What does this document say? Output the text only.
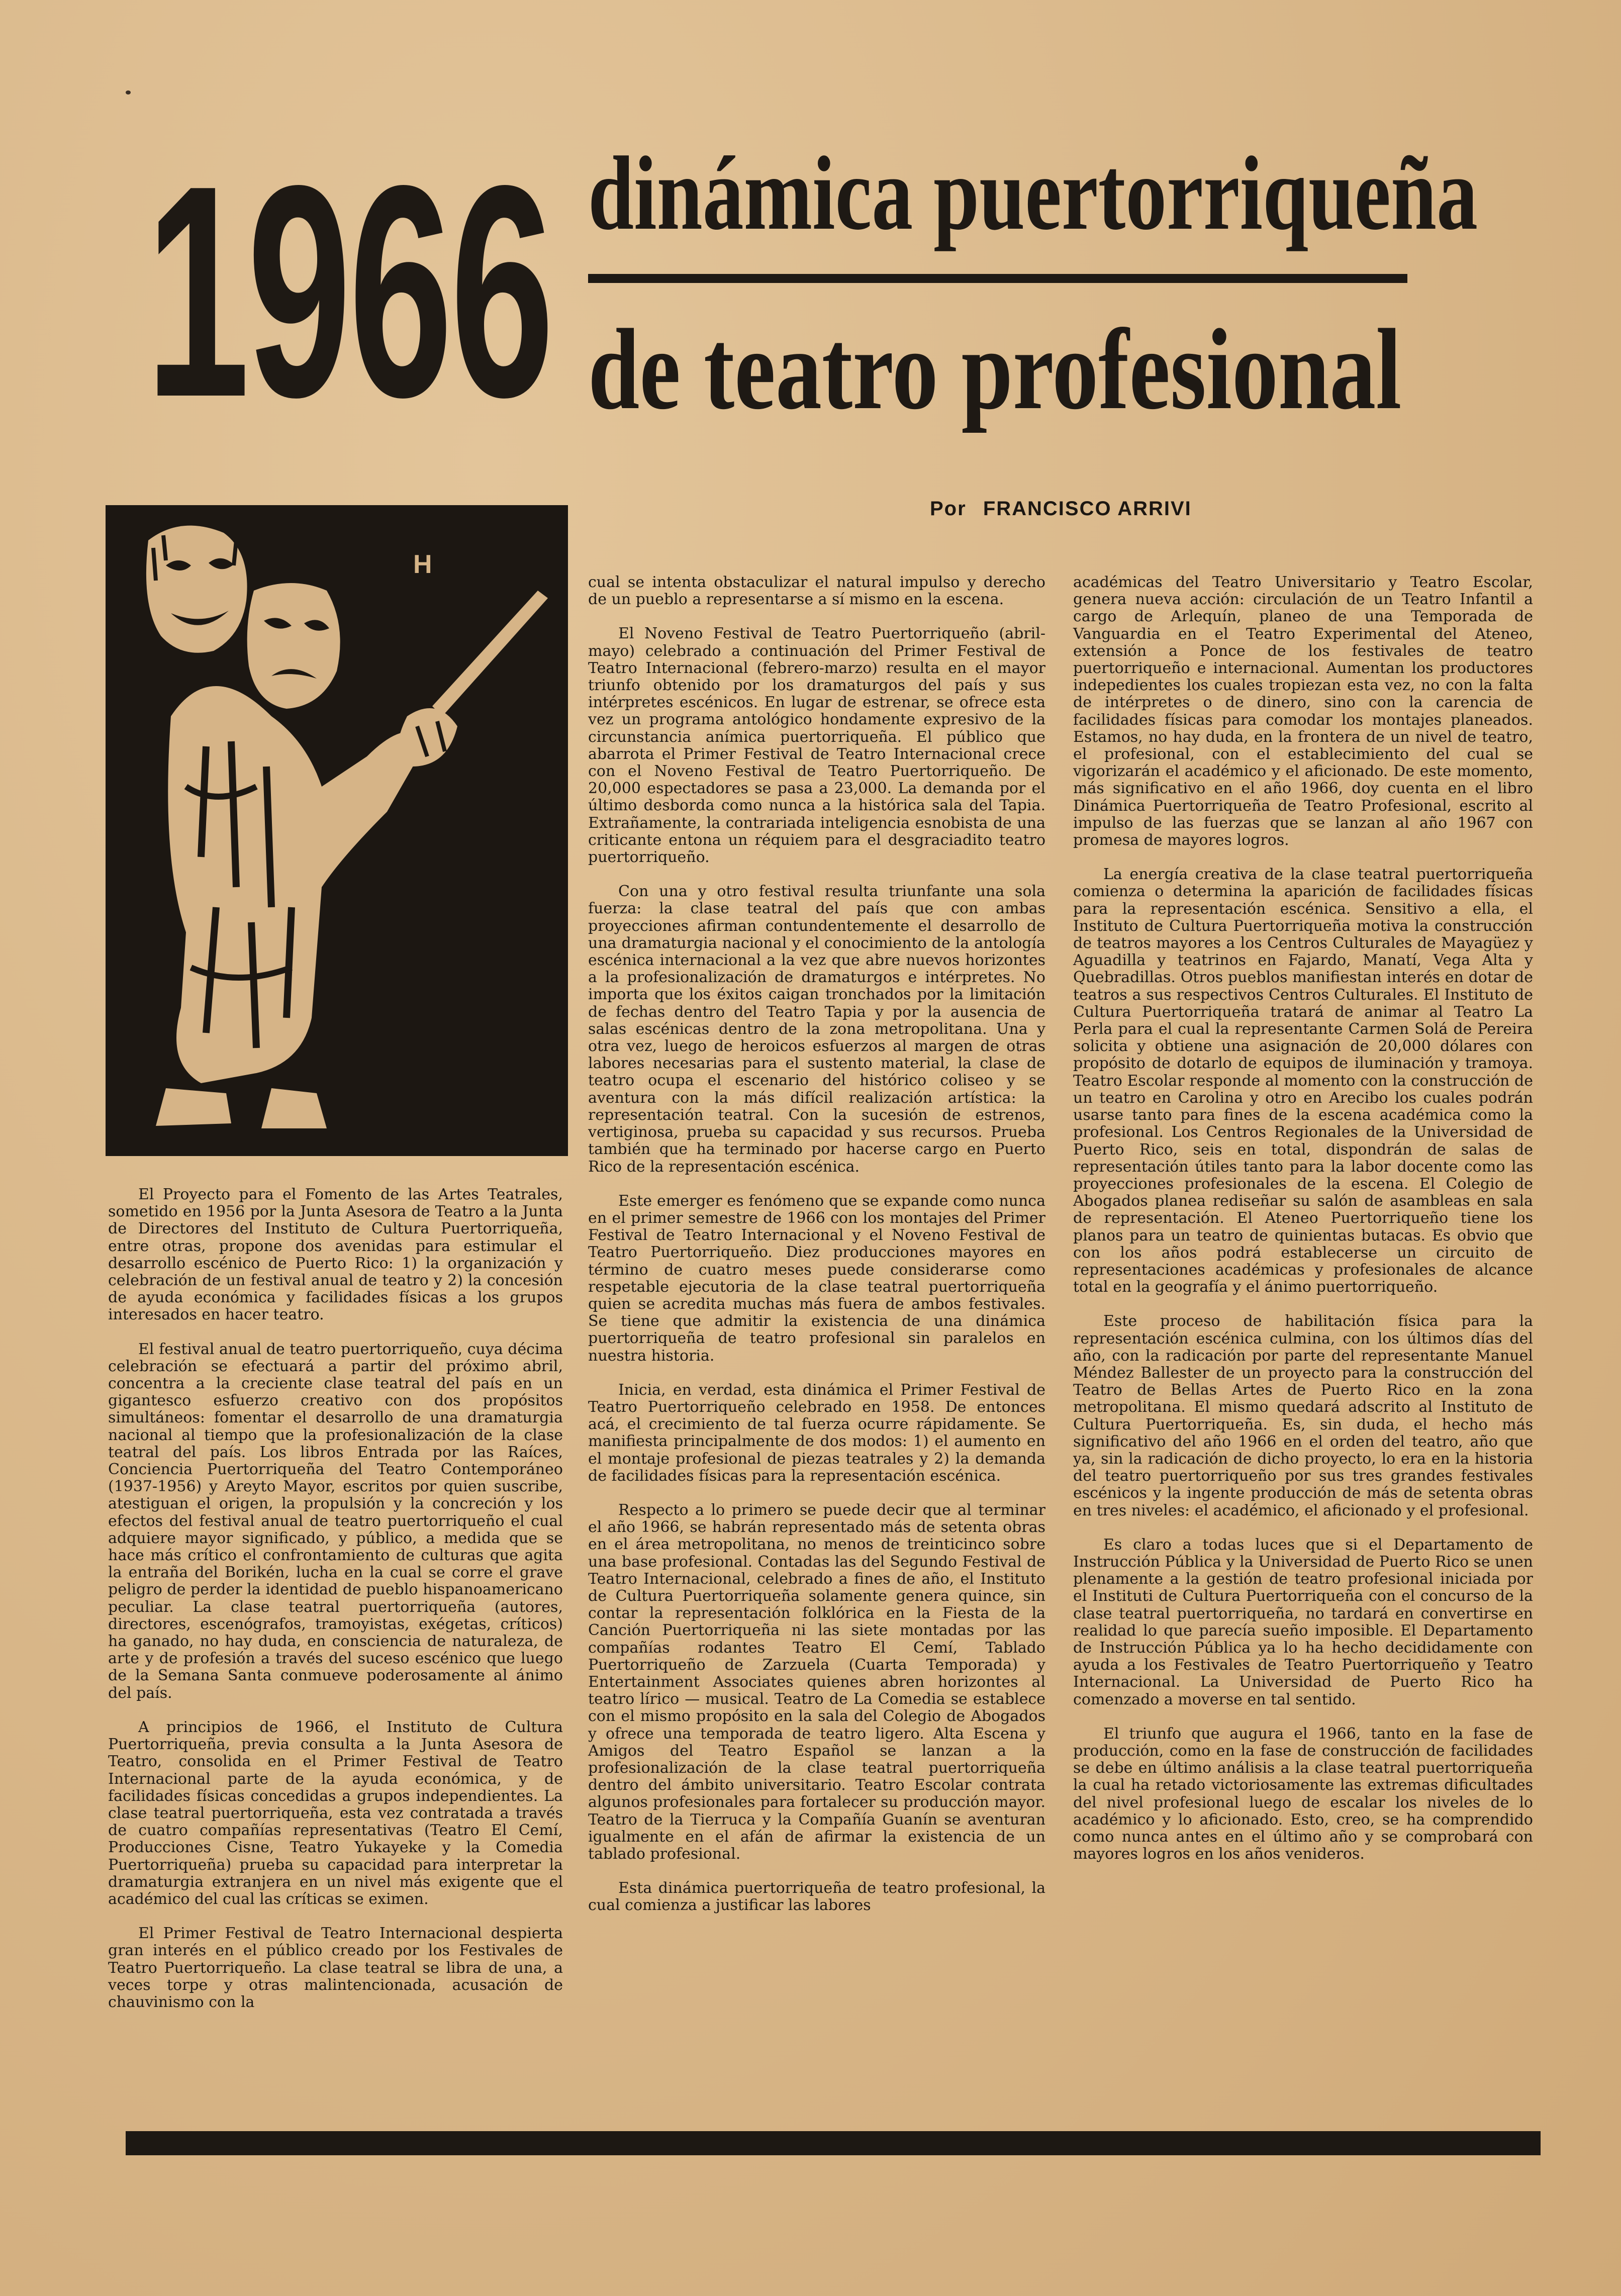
1966 dinámica puertorriqueña
de teatro profesional
Por FRANCISCO ARRIVI
H

El Proyecto para el Fomento de las Artes Teatrales, sometido en 1956 por la Junta Asesora de Teatro a la Junta de Directores del Instituto de Cultura Puertorriqueña, entre otras, propone dos avenidas para estimular el desarrollo escénico de Puerto Rico: 1) la organización y celebración de un festival anual de teatro y 2) la concesión de ayuda económica y facilidades físicas a los grupos interesados en hacer teatro.

El festival anual de teatro puertorriqueño, cuya décima celebración se efectuará a partir del próximo abril, concentra a la creciente clase teatral del país en un gigantesco esfuerzo creativo con dos propósitos simultáneos: fomentar el desarrollo de una dramaturgia nacional al tiempo que la profesionalización de la clase teatral del país. Los libros Entrada por las Raíces, Conciencia Puertorriqueña del Teatro Contemporáneo (1937-1956) y Areyto Mayor, escritos por quien suscribe, atestiguan el origen, la propulsión y la concreción y los efectos del festival anual de teatro puertorriqueño el cual adquiere mayor significado, y público, a medida que se hace más crítico el confrontamiento de culturas que agita la entraña del Borikén, lucha en la cual se corre el grave peligro de perder la identidad de pueblo hispanoamericano peculiar. La clase teatral puertorriqueña (autores, directores, escenógrafos, tramoyistas, exégetas, críticos) ha ganado, no hay duda, en consciencia de naturaleza, de arte y de profesión a través del suceso escénico que luego de la Semana Santa conmueve poderosamente al ánimo del país.

A principios de 1966, el Instituto de Cultura Puertorriqueña, previa consulta a la Junta Asesora de Teatro, consolida en el Primer Festival de Teatro Internacional parte de la ayuda económica, y de facilidades físicas concedidas a grupos independientes. La clase teatral puertorriqueña, esta vez contratada a través de cuatro compañías representativas (Teatro El Cemí, Producciones Cisne, Teatro Yukayeke y la Comedia Puertorriqueña) prueba su capacidad para interpretar la dramaturgia extranjera en un nivel más exigente que el académico del cual las críticas se eximen.

El Primer Festival de Teatro Internacional despierta gran interés en el público creado por los Festivales de Teatro Puertorriqueño. La clase teatral se libra de una, a veces torpe y otras malintencionada, acusación de chauvinismo con la

cual se intenta obstaculizar el natural impulso y derecho de un pueblo a representarse a sí mismo en la escena.

El Noveno Festival de Teatro Puertorriqueño (abril-mayo) celebrado a continuación del Primer Festival de Teatro Internacional (febrero-marzo) resulta en el mayor triunfo obtenido por los dramaturgos del país y sus intérpretes escénicos. En lugar de estrenar, se ofrece esta vez un programa antológico hondamente expresivo de la circunstancia anímica puertorriqueña. El público que abarrota el Primer Festival de Teatro Internacional crece con el Noveno Festival de Teatro Puertorriqueño. De 20,000 espectadores se pasa a 23,000. La demanda por el último desborda como nunca a la histórica sala del Tapia. Extrañamente, la contrariada inteligencia esnobista de una criticante entona un réquiem para el desgraciadito teatro puertorriqueño.

Con una y otro festival resulta triunfante una sola fuerza: la clase teatral del país que con ambas proyecciones afirman contundentemente el desarrollo de una dramaturgia nacional y el conocimiento de la antología escénica internacional a la vez que abre nuevos horizontes a la profesionalización de dramaturgos e intérpretes. No importa que los éxitos caigan tronchados por la limitación de fechas dentro del Teatro Tapia y por la ausencia de salas escénicas dentro de la zona metropolitana. Una y otra vez, luego de heroicos esfuerzos al margen de otras labores necesarias para el sustento material, la clase de teatro ocupa el escenario del histórico coliseo y se aventura con la más difícil realización artística: la representación teatral. Con la sucesión de estrenos, vertiginosa, prueba su capacidad y sus recursos. Prueba también que ha terminado por hacerse cargo en Puerto Rico de la representación escénica.

Este emerger es fenómeno que se expande como nunca en el primer semestre de 1966 con los montajes del Primer Festival de Teatro Internacional y el Noveno Festival de Teatro Puertorriqueño. Diez producciones mayores en término de cuatro meses puede considerarse como respetable ejecutoria de la clase teatral puertorriqueña quien se acredita muchas más fuera de ambos festivales. Se tiene que admitir la existencia de una dinámica puertorriqueña de teatro profesional sin paralelos en nuestra historia.

Inicia, en verdad, esta dinámica el Primer Festival de Teatro Puertorriqueño celebrado en 1958. De entonces acá, el crecimiento de tal fuerza ocurre rápidamente. Se manifiesta principalmente de dos modos: 1) el aumento en el montaje profesional de piezas teatrales y 2) la demanda de facilidades físicas para la representación escénica.

Respecto a lo primero se puede decir que al terminar el año 1966, se habrán representado más de setenta obras en el área metropolitana, no menos de treinticinco sobre una base profesional. Contadas las del Segundo Festival de Teatro Internacional, celebrado a fines de año, el Instituto de Cultura Puertorriqueña solamente genera quince, sin contar la representación folklórica en la Fiesta de la Canción Puertorriqueña ni las siete montadas por las compañías rodantes Teatro El Cemí, Tablado Puertorriqueño de Zarzuela (Cuarta Temporada) y Entertainment Associates quienes abren horizontes al teatro lírico — musical. Teatro de La Comedia se establece con el mismo propósito en la sala del Colegio de Abogados y ofrece una temporada de teatro ligero. Alta Escena y Amigos del Teatro Español se lanzan a la profesionalización de la clase teatral puertorriqueña dentro del ámbito universitario. Teatro Escolar contrata algunos profesionales para fortalecer su producción mayor. Teatro de la Tierruca y la Compañía Guanín se aventuran igualmente en el afán de afirmar la existencia de un tablado profesional.

Esta dinámica puertorriqueña de teatro profesional, la cual comienza a justificar las labores

académicas del Teatro Universitario y Teatro Escolar, genera nueva acción: circulación de un Teatro Infantil a cargo de Arlequín, planeo de una Temporada de Vanguardia en el Teatro Experimental del Ateneo, extensión a Ponce de los festivales de teatro puertorriqueño e internacional. Aumentan los productores indepedientes los cuales tropiezan esta vez, no con la falta de intérpretes o de dinero, sino con la carencia de facilidades físicas para comodar los montajes planeados. Estamos, no hay duda, en la frontera de un nivel de teatro, el profesional, con el establecimiento del cual se vigorizarán el académico y el aficionado. De este momento, más significativo en el año 1966, doy cuenta en el libro Dinámica Puertorriqueña de Teatro Profesional, escrito al impulso de las fuerzas que se lanzan al año 1967 con promesa de mayores logros.

La energía creativa de la clase teatral puertorriqueña comienza o determina la aparición de facilidades físicas para la representación escénica. Sensitivo a ella, el Instituto de Cultura Puertorriqueña motiva la construcción de teatros mayores a los Centros Culturales de Mayagüez y Aguadilla y teatrinos en Fajardo, Manatí, Vega Alta y Quebradillas. Otros pueblos manifiestan interés en dotar de teatros a sus respectivos Centros Culturales. El Instituto de Cultura Puertorriqueña tratará de animar al Teatro La Perla para el cual la representante Carmen Solá de Pereira solicita y obtiene una asignación de 20,000 dólares con propósito de dotarlo de equipos de iluminación y tramoya. Teatro Escolar responde al momento con la construcción de un teatro en Carolina y otro en Arecibo los cuales podrán usarse tanto para fines de la escena académica como la profesional. Los Centros Regionales de la Universidad de Puerto Rico, seis en total, dispondrán de salas de representación útiles tanto para la labor docente como las proyecciones profesionales de la escena. El Colegio de Abogados planea rediseñar su salón de asambleas en sala de representación. El Ateneo Puertorriqueño tiene los planos para un teatro de quinientas butacas. Es obvio que con los años podrá establecerse un circuito de representaciones académicas y profesionales de alcance total en la geografía y el ánimo puertorriqueño.

Este proceso de habilitación física para la representación escénica culmina, con los últimos días del año, con la radicación por parte del representante Manuel Méndez Ballester de un proyecto para la construcción del Teatro de Bellas Artes de Puerto Rico en la zona metropolitana. El mismo quedará adscrito al Instituto de Cultura Puertorriqueña. Es, sin duda, el hecho más significativo del año 1966 en el orden del teatro, año que ya, sin la radicación de dicho proyecto, lo era en la historia del teatro puertorriqueño por sus tres grandes festivales escénicos y la ingente producción de más de setenta obras en tres niveles: el académico, el aficionado y el profesional.

Es claro a todas luces que si el Departamento de Instrucción Pública y la Universidad de Puerto Rico se unen plenamente a la gestión de teatro profesional iniciada por el Instituti de Cultura Puertorriqueña con el concurso de la clase teatral puertorriqueña, no tardará en convertirse en realidad lo que parecía sueño imposible. El Departamento de Instrucción Pública ya lo ha hecho decididamente con ayuda a los Festivales de Teatro Puertorriqueño y Teatro Internacional. La Universidad de Puerto Rico ha comenzado a moverse en tal sentido.

El triunfo que augura el 1966, tanto en la fase de producción, como en la fase de construcción de facilidades se debe en último análisis a la clase teatral puertorriqueña la cual ha retado victoriosamente las extremas dificultades del nivel profesional luego de escalar los niveles de lo académico y lo aficionado. Esto, creo, se ha comprendido como nunca antes en el último año y se comprobará con mayores logros en los años venideros.
